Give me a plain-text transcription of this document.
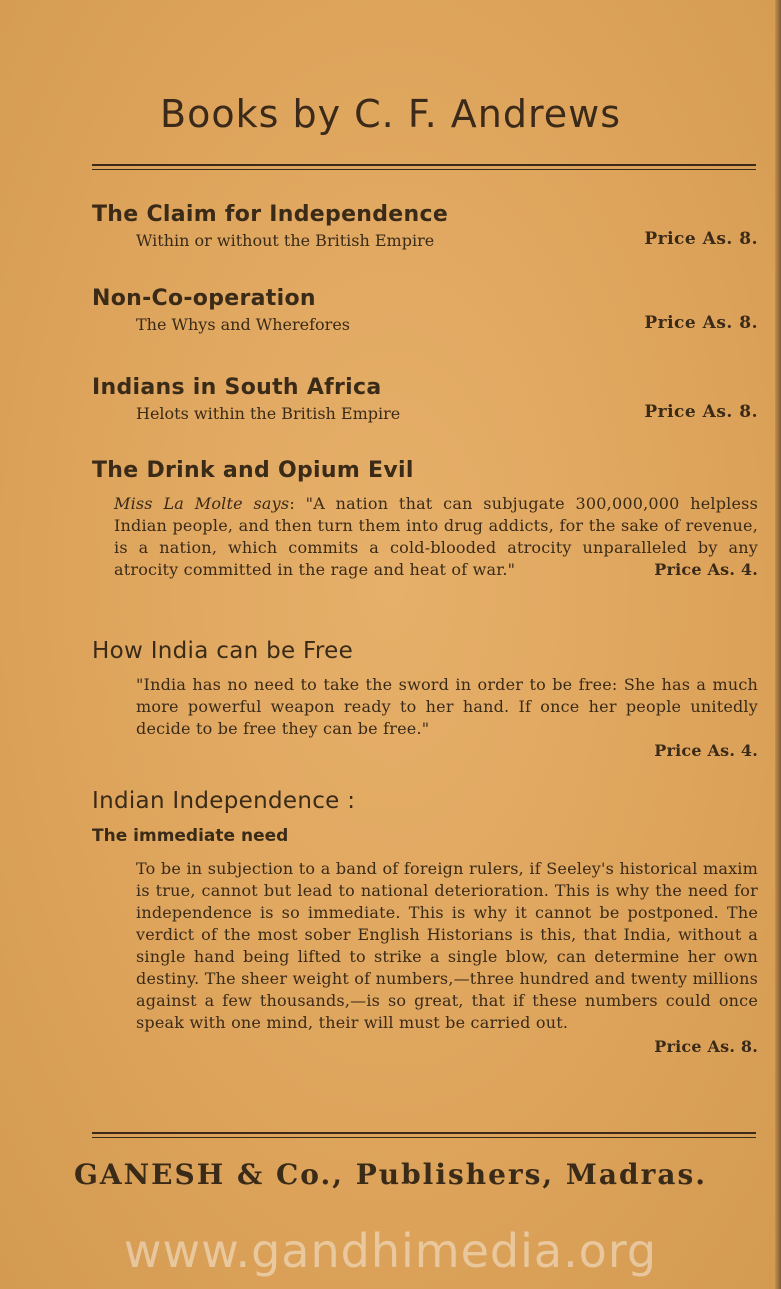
Books by C. F. Andrews
The Claim for Independence
Within or without the British Empire	Price As. 8.
Non-Co-operation
The Whys and Wherefores	Price As. 8.
Indians in South Africa
Helots within the British Empire	Price As. 8.
The Drink and Opium Evil
Miss La Molte says: "A nation that can subjugate 300,000,000 helpless Indian people, and then turn them into drug addicts, for the sake of revenue, is a nation, which commits a cold-blooded atrocity unparalleled by any atrocity committed in the rage and heat of war."	Price As. 4.
How India can be Free
"India has no need to take the sword in order to be free: She has a much more powerful weapon ready to her hand. If once her people unitedly decide to be free they can be free."
Price As. 4.
Indian Independence :
The immediate need
To be in subjection to a band of foreign rulers, if Seeley's historical maxim is true, cannot but lead to national deterioration. This is why the need for independence is so immediate. This is why it cannot be postponed. The verdict of the most sober English Historians is this, that India, without a single hand being lifted to strike a single blow, can determine her own destiny. The sheer weight of numbers,—three hundred and twenty millions against a few thousands,—is so great, that if these numbers could once speak with one mind, their will must be carried out.
Price As. 8.
GANESH & Co., Publishers, Madras.
www.gandhimedia.org
